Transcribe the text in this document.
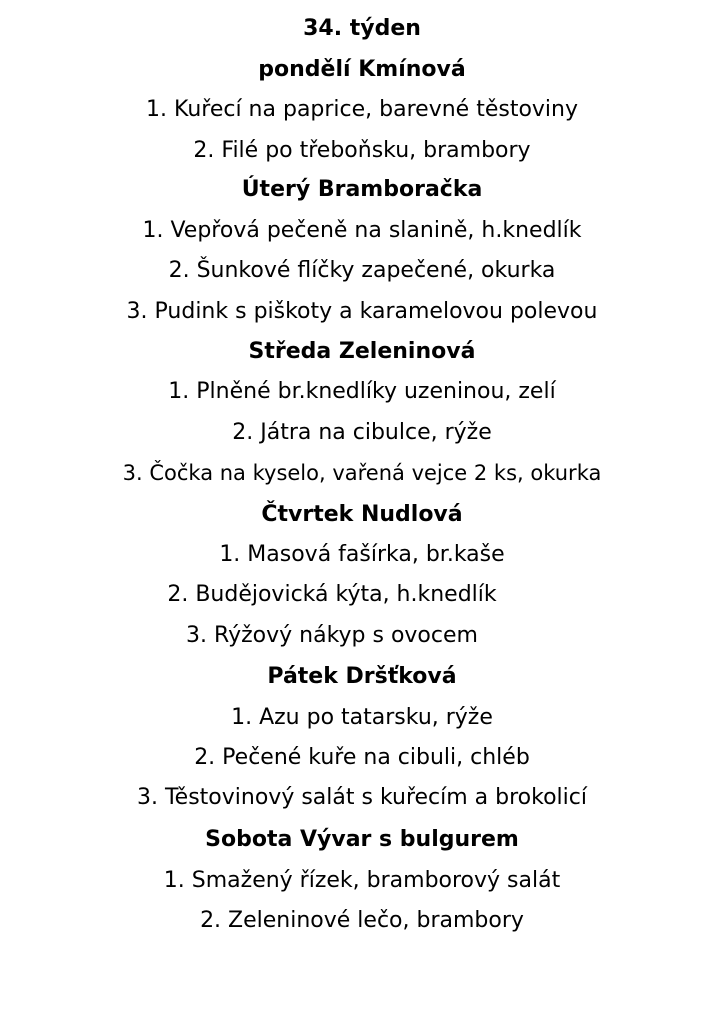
34. týden
pondělí Kmínová
1. Kuřecí na paprice, barevné těstoviny
2. Filé po třeboňsku, brambory
Úterý Bramboračka
1. Vepřová pečeně na slanině, h.knedlík
2. Šunkové flíčky zapečené, okurka
3. Pudink s piškoty a karamelovou polevou
Středa Zeleninová
1. Plněné br.knedlíky uzeninou, zelí
2. Játra na cibulce, rýže
3. Čočka na kyselo, vařená vejce 2 ks, okurka
Čtvrtek Nudlová
1. Masová fašírka, br.kaše
2. Budějovická kýta, h.knedlík
3. Rýžový nákyp s ovocem
Pátek Dršťková
1. Azu po tatarsku, rýže
2. Pečené kuře na cibuli, chléb
3. Těstovinový salát s kuřecím a brokolicí
Sobota Vývar s bulgurem
1. Smažený řízek, bramborový salát
2. Zeleninové lečo, brambory
